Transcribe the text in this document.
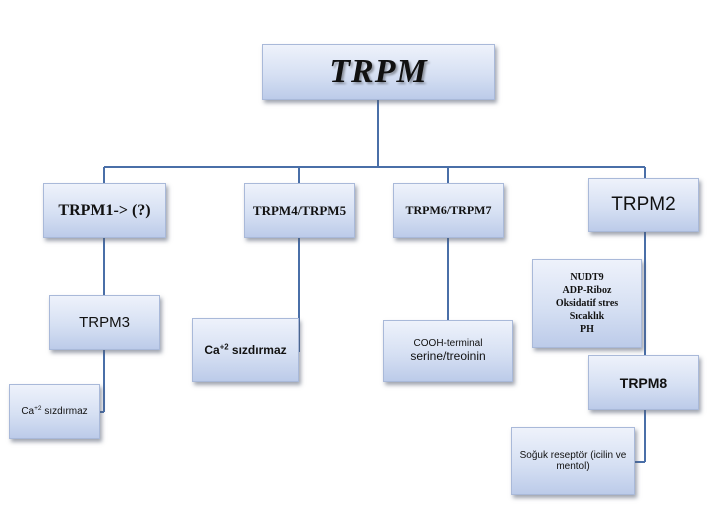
TRPM
TRPM1-> (?)	TRPM4/TRPM5	TRPM6/TRPM7	TRPM2
TRPM3
$Ca^{+2}$ sızdırmaz
$Ca^{+2}$ sızdırmaz	COOH-terminal
serine/treoinin
NUDT9
ADP-Riboz
Oksidatif stres
Sıcaklık
PH
TRPM8
Soğuk reseptör (icilin ve
mentol)
